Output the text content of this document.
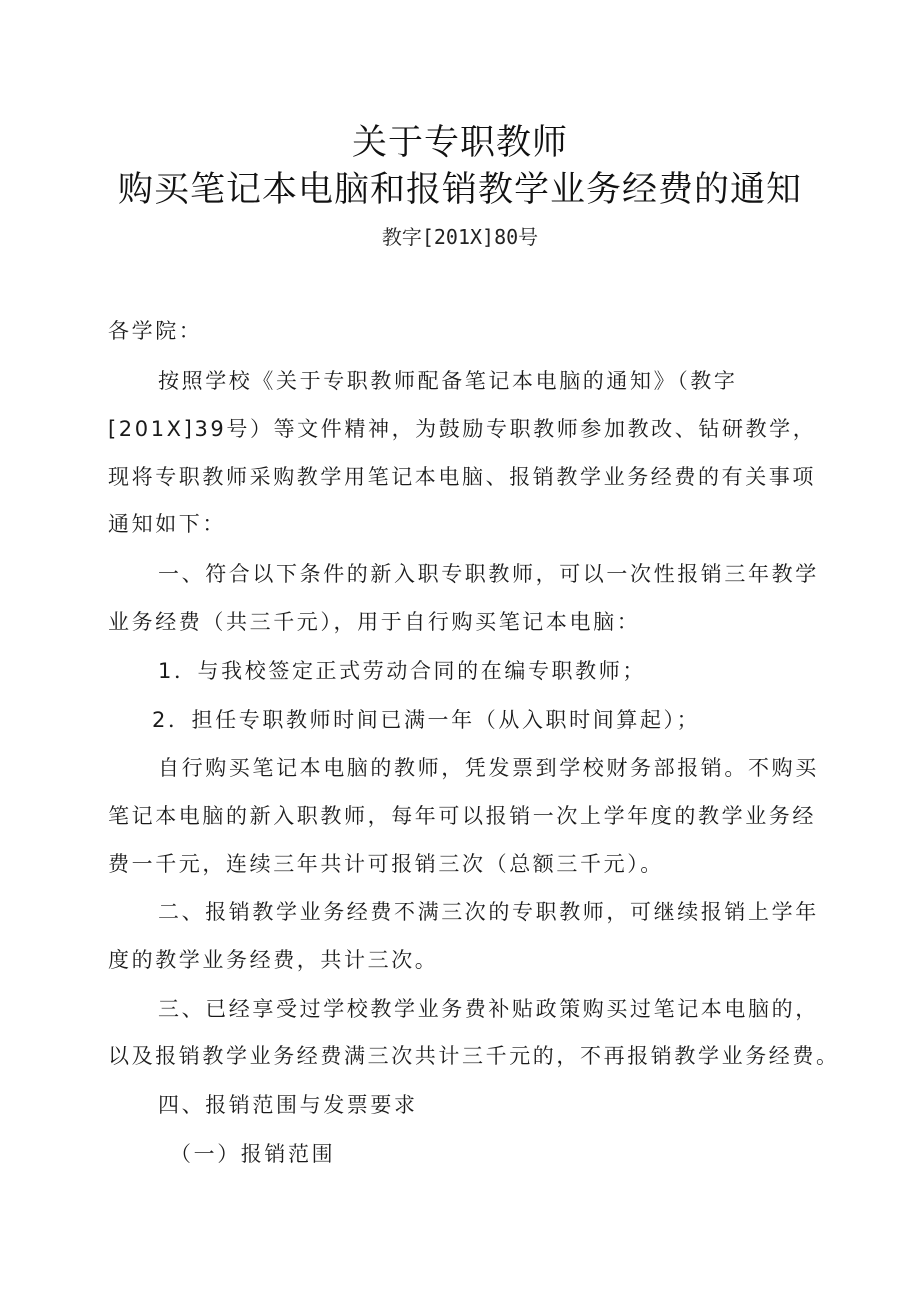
关于专职教师
购买笔记本电脑和报销教学业务经费的通知
教字[201X]80号
各学院：
按照学校《关于专职教师配备笔记本电脑的通知》（教字
[201X]39号）等文件精神，为鼓励专职教师参加教改、钻研教学，
现将专职教师采购教学用笔记本电脑、报销教学业务经费的有关事项
通知如下：
一、符合以下条件的新入职专职教师，可以一次性报销三年教学
业务经费（共三千元），用于自行购买笔记本电脑：
1．与我校签定正式劳动合同的在编专职教师；
2．担任专职教师时间已满一年（从入职时间算起）；
自行购买笔记本电脑的教师，凭发票到学校财务部报销。不购买
笔记本电脑的新入职教师，每年可以报销一次上学年度的教学业务经
费一千元，连续三年共计可报销三次（总额三千元）。
二、报销教学业务经费不满三次的专职教师，可继续报销上学年
度的教学业务经费，共计三次。
三、已经享受过学校教学业务费补贴政策购买过笔记本电脑的，
以及报销教学业务经费满三次共计三千元的，不再报销教学业务经费。
四、报销范围与发票要求
（一）报销范围
